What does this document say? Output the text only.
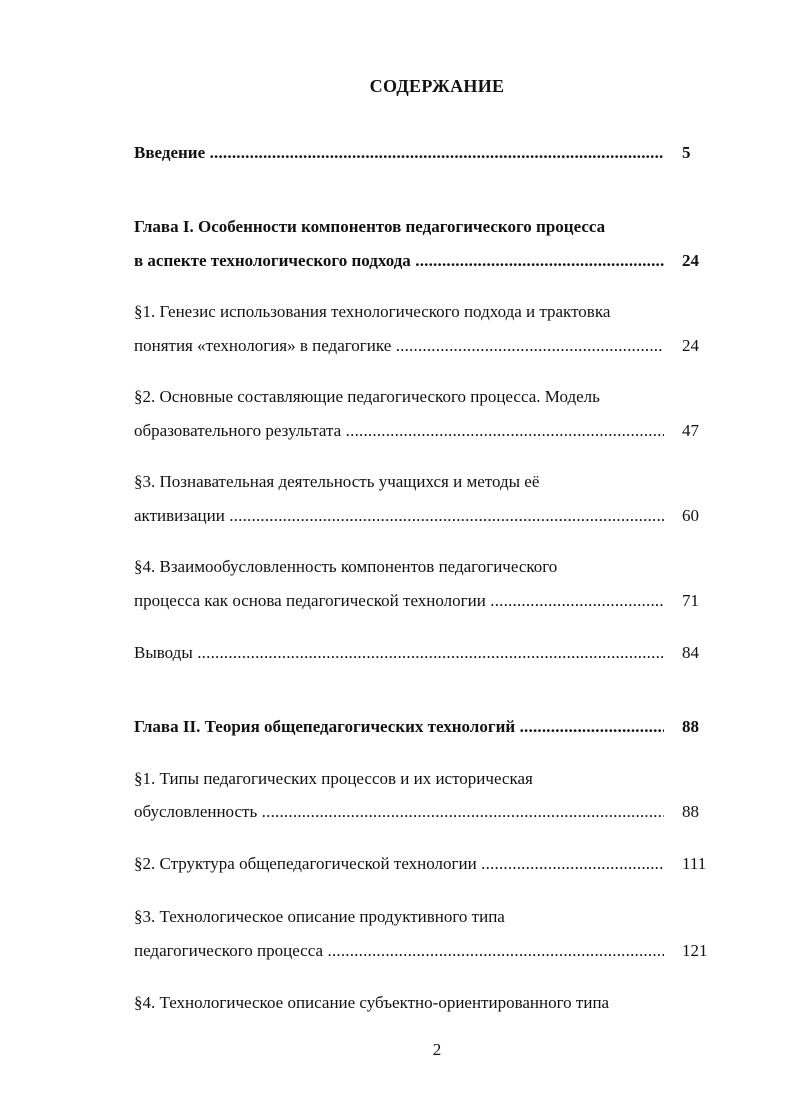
СОДЕРЖАНИЕ
Введение .....	5
Глава I. Особенности компонентов педагогического процесса
в аспекте технологического подхода .....	24
§1. Генезис использования технологического подхода и трактовка
понятия «технология» в педагогике .....	24
§2. Основные составляющие педагогического процесса. Модель
образовательного результата .....	47
§3. Познавательная деятельность учащихся и методы её
активизации .....	60
§4. Взаимообусловленность компонентов педагогического
процесса как основа педагогической технологии .....	71
Выводы .....	84
Глава II. Теория общепедагогических технологий .....	88
§1. Типы педагогических процессов и их историческая
обусловленность .....	88
§2. Структура общепедагогической технологии .....	111
§3. Технологическое описание продуктивного типа
педагогического процесса .....	121
§4. Технологическое описание субъектно-ориентированного типа
2
